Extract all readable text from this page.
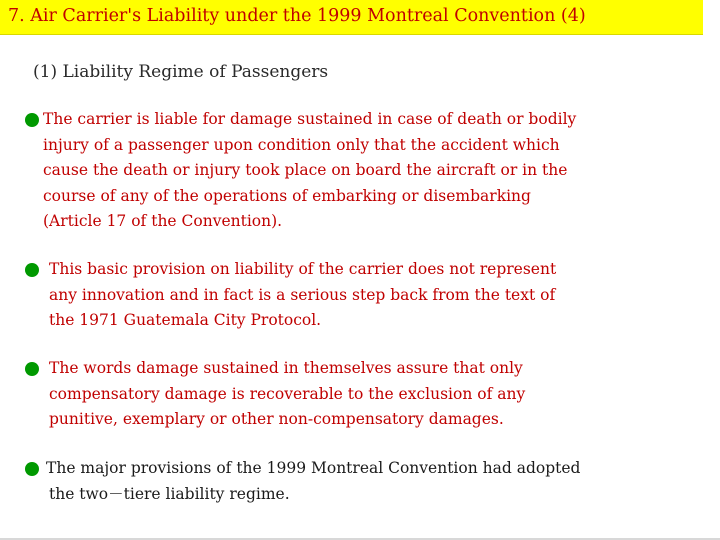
7. Air Carrier's Liability under the 1999 Montreal Convention (4)
(1) Liability Regime of Passengers
The carrier is liable for damage sustained in case of death or bodily
injury of a passenger upon condition only that the accident which
cause the death or injury took place on board the aircraft or in the
course of any of the operations of embarking or disembarking
(Article 17 of the Convention).
This basic provision on liability of the carrier does not represent
any innovation and in fact is a serious step back from the text of
the 1971 Guatemala City Protocol.
The words damage sustained in themselves assure that only
compensatory damage is recoverable to the exclusion of any
punitive, exemplary or other non-compensatory damages.
The major provisions of the 1999 Montreal Convention had adopted
the two－tiere liability regime.
